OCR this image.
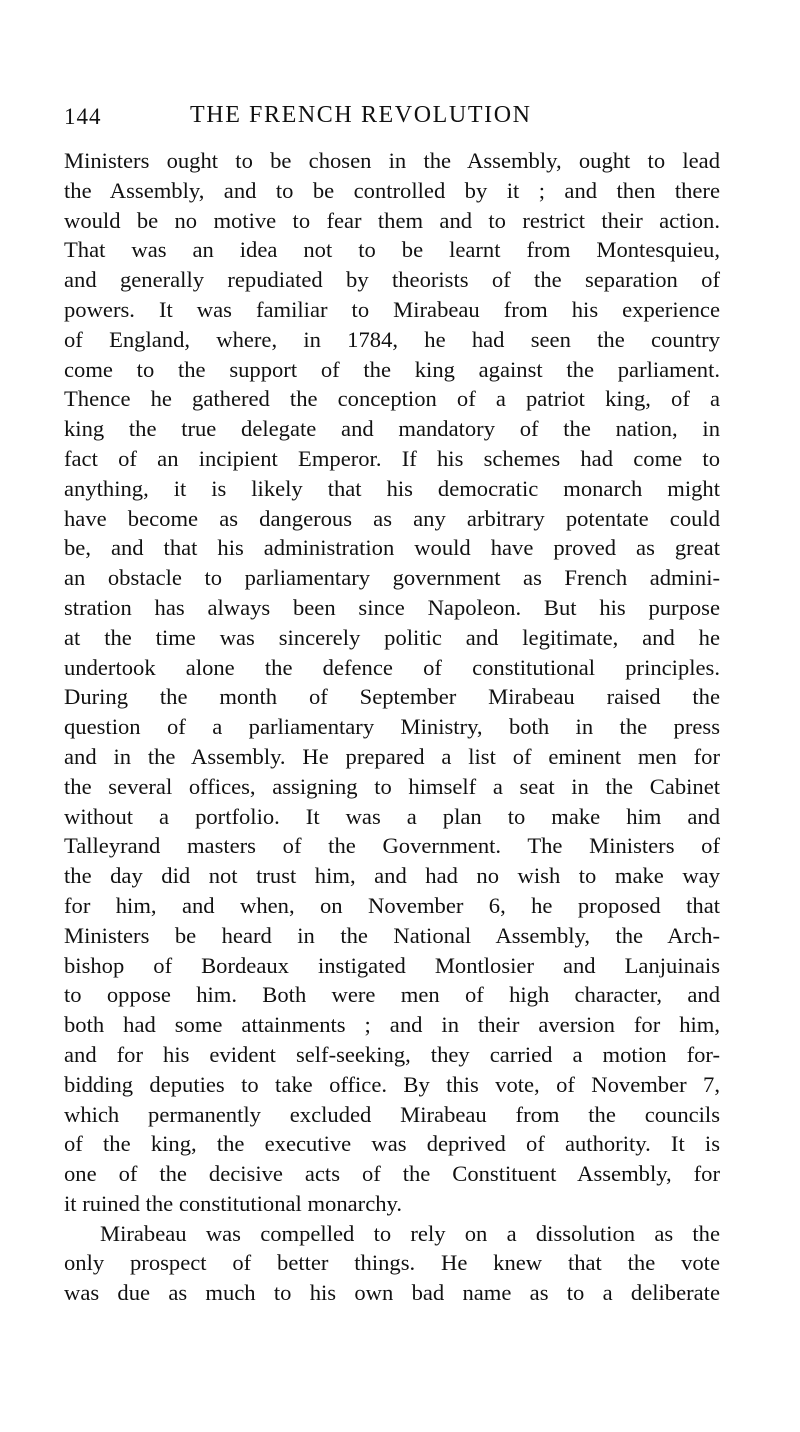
144	THE FRENCH REVOLUTION

Ministers ought to be chosen in the Assembly, ought to lead

the Assembly, and to be controlled by it ; and then there

would be no motive to fear them and to restrict their action.

That was an idea not to be learnt from Montesquieu,

and generally repudiated by theorists of the separation of

powers. It was familiar to Mirabeau from his experience

of England, where, in 1784, he had seen the country

come to the support of the king against the parliament.

Thence he gathered the conception of a patriot king, of a

king the true delegate and mandatory of the nation, in

fact of an incipient Emperor. If his schemes had come to

anything, it is likely that his democratic monarch might

have become as dangerous as any arbitrary potentate could

be, and that his administration would have proved as great

an obstacle to parliamentary government as French admini-

stration has always been since Napoleon. But his purpose

at the time was sincerely politic and legitimate, and he

undertook alone the defence of constitutional principles.

During the month of September Mirabeau raised the

question of a parliamentary Ministry, both in the press

and in the Assembly. He prepared a list of eminent men for

the several offices, assigning to himself a seat in the Cabinet

without a portfolio. It was a plan to make him and

Talleyrand masters of the Government. The Ministers of

the day did not trust him, and had no wish to make way

for him, and when, on November 6, he proposed that

Ministers be heard in the National Assembly, the Arch-

bishop of Bordeaux instigated Montlosier and Lanjuinais

to oppose him. Both were men of high character, and

both had some attainments ; and in their aversion for him,

and for his evident self-seeking, they carried a motion for-

bidding deputies to take office. By this vote, of November 7,

which permanently excluded Mirabeau from the councils

of the king, the executive was deprived of authority. It is

one of the decisive acts of the Constituent Assembly, for

it ruined the constitutional monarchy.

Mirabeau was compelled to rely on a dissolution as the

only prospect of better things. He knew that the vote

was due as much to his own bad name as to a deliberate
